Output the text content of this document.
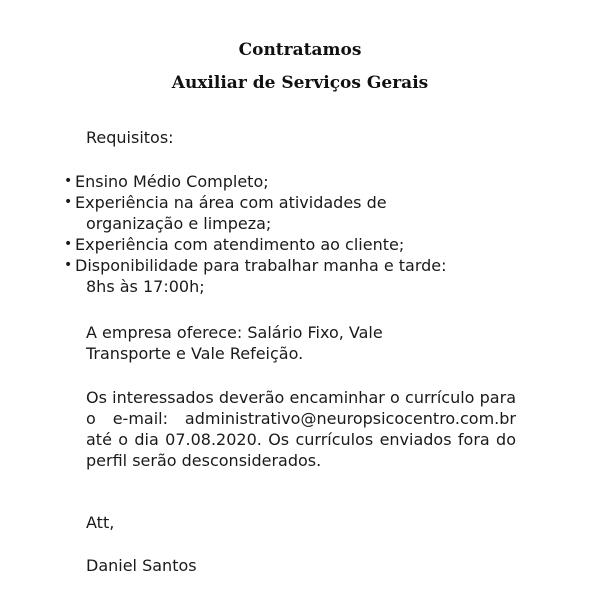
Contratamos
Auxiliar de Serviços Gerais
Requisitos:
• Ensino Médio Completo;
• Experiência na área com atividades de
organização e limpeza;
• Experiência com atendimento ao cliente;
• Disponibilidade para trabalhar manha e tarde:
8hs às 17:00h;
A empresa oferece: Salário Fixo, Vale
Transporte e Vale Refeição.

Os interessados deverão encaminhar o currículo para o e-mail: administrativo@neuropsicocentro.com.br até o dia 07.08.2020. Os currículos enviados fora do perfil serão desconsiderados.

Att,
Daniel Santos
